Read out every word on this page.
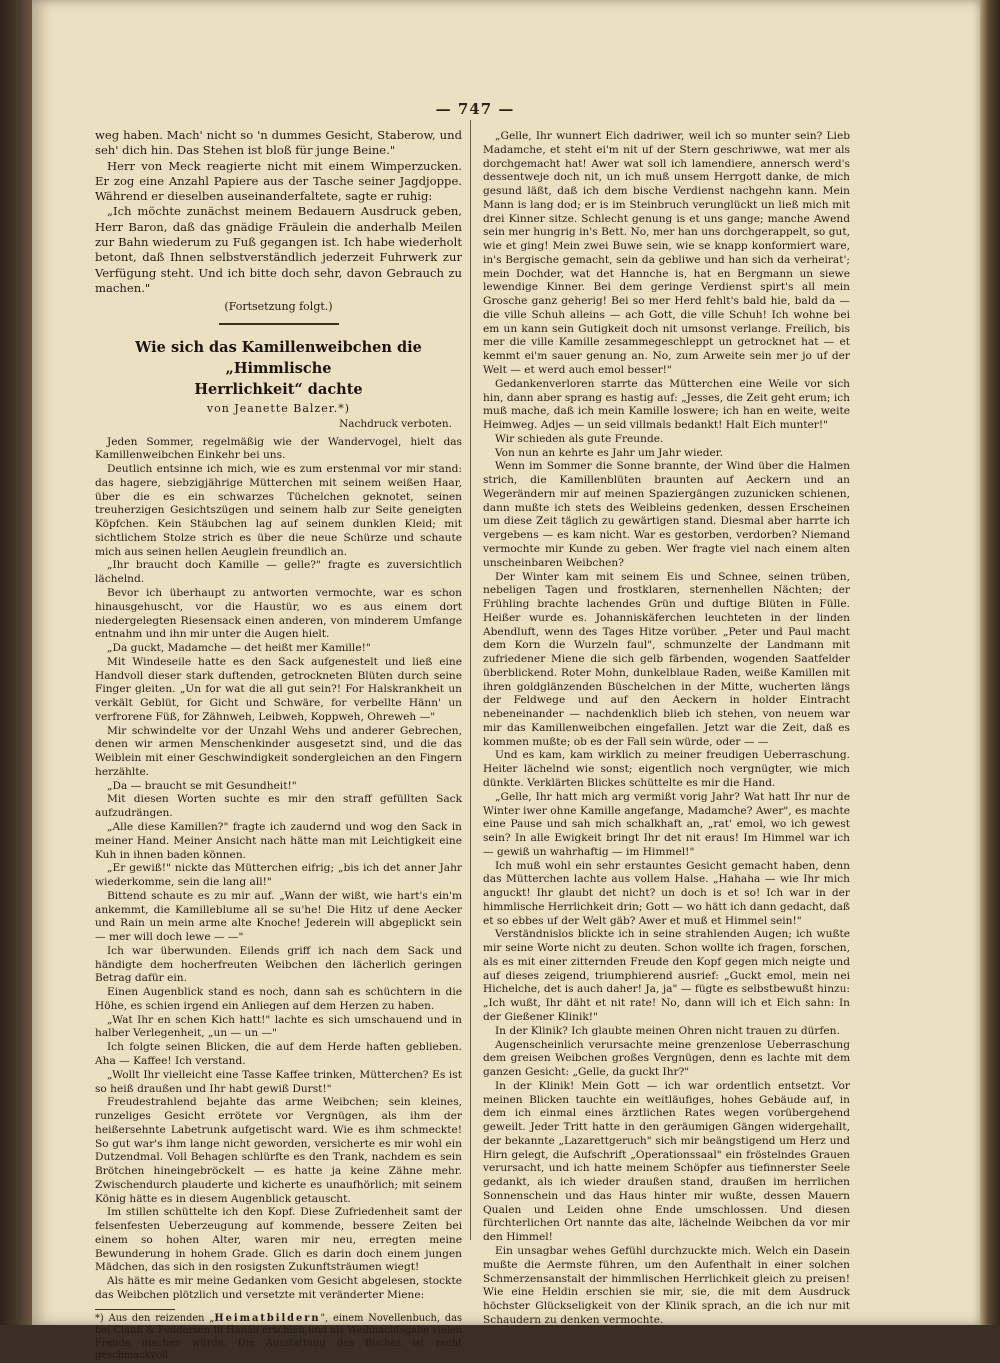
— 747 —

weg haben. Mach' nicht so 'n dummes Gesicht, Staberow, und seh' dich hin. Das Stehen ist bloß für junge Beine."

Herr von Meck reagierte nicht mit einem Wimperzucken. Er zog eine Anzahl Papiere aus der Tasche seiner Jagdjoppe. Während er dieselben auseinanderfaltete, sagte er ruhig:

„Ich möchte zunächst meinem Bedauern Ausdruck geben, Herr Baron, daß das gnädige Fräulein die anderhalb Meilen zur Bahn wiederum zu Fuß gegangen ist. Ich habe wiederholt betont, daß Ihnen selbstverständlich jederzeit Fuhrwerk zur Verfügung steht. Und ich bitte doch sehr, davon Gebrauch zu machen."

(Fortsetzung folgt.)

Wie sich das Kamillenweibchen die „Himmlische
Herrlichkeit“ dachte
von Jeanette Balzer.*)
Nachdruck verboten.

Jeden Sommer, regelmäßig wie der Wandervogel, hielt das Kamillenweibchen Einkehr bei uns.

Deutlich entsinne ich mich, wie es zum erstenmal vor mir stand: das hagere, siebzigjährige Mütterchen mit seinem weißen Haar, über die es ein schwarzes Tüchelchen geknotet, seinen treuherzigen Gesichtszügen und seinem halb zur Seite geneigten Köpfchen. Kein Stäubchen lag auf seinem dunklen Kleid; mit sichtlichem Stolze strich es über die neue Schürze und schaute mich aus seinen hellen Aeuglein freundlich an.

„Ihr braucht doch Kamille — gelle?" fragte es zuversichtlich lächelnd.

Bevor ich überhaupt zu antworten vermochte, war es schon hinausgehuscht, vor die Haustür, wo es aus einem dort niedergelegten Riesensack einen anderen, von minderem Umfange entnahm und ihn mir unter die Augen hielt.

„Da guckt, Madamche — det heißt mer Kamille!"

Mit Windeseile hatte es den Sack aufgenestelt und ließ eine Handvoll dieser stark duftenden, getrockneten Blüten durch seine Finger gleiten. „Un for wat die all gut sein?! For Halskrankheit un verkält Geblüt, for Gicht und Schwäre, for verbellte Hänn' un verfrorene Füß, for Zähnweh, Leibweh, Koppweh, Ohreweh —"

Mir schwindelte vor der Unzahl Wehs und anderer Gebrechen, denen wir armen Menschenkinder ausgesetzt sind, und die das Weiblein mit einer Geschwindigkeit sondergleichen an den Fingern herzählte.

„Da — braucht se mit Gesundheit!"

Mit diesen Worten suchte es mir den straff gefüllten Sack aufzudrängen.

„Alle diese Kamillen?" fragte ich zaudernd und wog den Sack in meiner Hand. Meiner Ansicht nach hätte man mit Leichtigkeit eine Kuh in ihnen baden können.

„Er gewiß!" nickte das Mütterchen eifrig; „bis ich det anner Jahr wiederkomme, sein die lang all!"

Bittend schaute es zu mir auf. „Wann der wißt, wie hart's ein'm ankemmt, die Kamilleblume all se su'he! Die Hitz uf dene Aecker und Rain un mein arme alte Knoche! Jederein will abgeplickt sein — mer will doch lewe — —"

Ich war überwunden. Eilends griff ich nach dem Sack und händigte dem hocherfreuten Weibchen den lächerlich geringen Betrag dafür ein.

Einen Augenblick stand es noch, dann sah es schüchtern in die Höhe, es schien irgend ein Anliegen auf dem Herzen zu haben.

„Wat Ihr en schen Kich hatt!" lachte es sich umschauend und in halber Verlegenheit, „un — un —"

Ich folgte seinen Blicken, die auf dem Herde haften geblieben. Aha — Kaffee! Ich verstand.

„Wollt Ihr vielleicht eine Tasse Kaffee trinken, Mütterchen? Es ist so heiß draußen und Ihr habt gewiß Durst!"

Freudestrahlend bejahte das arme Weibchen; sein kleines, runzeliges Gesicht errötete vor Vergnügen, als ihm der heißersehnte Labetrunk aufgetischt ward. Wie es ihm schmeckte! So gut war's ihm lange nicht geworden, versicherte es mir wohl ein Dutzendmal. Voll Behagen schlürfte es den Trank, nachdem es sein Brötchen hineingebröckelt — es hatte ja keine Zähne mehr. Zwischendurch plauderte und kicherte es unaufhörlich; mit seinem König hätte es in diesem Augenblick getauscht.

Im stillen schüttelte ich den Kopf. Diese Zufriedenheit samt der felsenfesten Ueberzeugung auf kommende, bessere Zeiten bei einem so hohen Alter, waren mir neu, erregten meine Bewunderung in hohem Grade. Glich es darin doch einem jungen Mädchen, das sich in den rosigsten Zukunftsträumen wiegt!

Als hätte es mir meine Gedanken vom Gesicht abgelesen, stockte das Weibchen plötzlich und versetzte mit veränderter Miene:

*) Aus den reizenden „Heimatbildern", einem Novellenbuch, das bei Clauß & Feddersen in Hanau erschien und als Weihnachtsgabe vielen Freude machen würde. Die Ausstattung des Buches ist recht geschmackvoll.

„Gelle, Ihr wunnert Eich dadriwer, weil ich so munter sein? Lieb Madamche, et steht ei'm nit uf der Stern geschriwwe, wat mer als dorchgemacht hat! Awer wat soll ich lamendiere, annersch werd's dessentweje doch nit, un ich muß unsem Herrgott danke, de mich gesund läßt, daß ich dem bische Verdienst nachgehn kann. Mein Mann is lang dod; er is im Steinbruch verunglückt un ließ mich mit drei Kinner sitze. Schlecht genung is et uns gange; manche Awend sein mer hungrig in's Bett. No, mer han uns dorchgerappelt, so gut, wie et ging! Mein zwei Buwe sein, wie se knapp konformiert ware, in's Bergische gemacht, sein da gebliwe und han sich da verheirat'; mein Dochder, wat det Hannche is, hat en Bergmann un siewe lewendige Kinner. Bei dem geringe Verdienst spirt's all mein Grosche ganz geherig! Bei so mer Herd fehlt's bald hie, bald da — die ville Schuh alleins — ach Gott, die ville Schuh! Ich wohne bei em un kann sein Gutigkeit doch nit umsonst verlange. Freilich, bis mer die ville Kamille zesammegeschleppt un getrocknet hat — et kemmt ei'm sauer genung an. No, zum Arweite sein mer jo uf der Welt — et werd auch emol besser!"

Gedankenverloren starrte das Mütterchen eine Weile vor sich hin, dann aber sprang es hastig auf: „Jesses, die Zeit geht erum; ich muß mache, daß ich mein Kamille loswere; ich han en weite, weite Heimweg. Adjes — un seid villmals bedankt! Halt Eich munter!"

Wir schieden als gute Freunde.

Von nun an kehrte es Jahr um Jahr wieder.

Wenn im Sommer die Sonne brannte, der Wind über die Halmen strich, die Kamillenblüten braunten auf Aeckern und an Wegerändern mir auf meinen Spaziergängen zuzunicken schienen, dann mußte ich stets des Weibleins gedenken, dessen Erscheinen um diese Zeit täglich zu gewärtigen stand. Diesmal aber harrte ich vergebens — es kam nicht. War es gestorben, verdorben? Niemand vermochte mir Kunde zu geben. Wer fragte viel nach einem alten unscheinbaren Weibchen?

Der Winter kam mit seinem Eis und Schnee, seinen trüben, nebeligen Tagen und frostklaren, sternenhellen Nächten; der Frühling brachte lachendes Grün und duftige Blüten in Fülle. Heißer wurde es. Johanniskäferchen leuchteten in der linden Abendluft, wenn des Tages Hitze vorüber. „Peter und Paul macht dem Korn die Wurzeln faul", schmunzelte der Landmann mit zufriedener Miene die sich gelb färbenden, wogenden Saatfelder überblickend. Roter Mohn, dunkelblaue Raden, weiße Kamillen mit ihren goldglänzenden Büschelchen in der Mitte, wucherten längs der Feldwege und auf den Aeckern in holder Eintracht nebeneinander — nachdenklich blieb ich stehen, von neuem war mir das Kamillenweibchen eingefallen. Jetzt war die Zeit, daß es kommen mußte; ob es der Fall sein würde, oder — —

Und es kam, kam wirklich zu meiner freudigen Ueberraschung. Heiter lächelnd wie sonst; eigentlich noch vergnügter, wie mich dünkte. Verklärten Blickes schüttelte es mir die Hand.

„Gelle, Ihr hatt mich arg vermißt vorig Jahr? Wat hatt Ihr nur de Winter iwer ohne Kamille angefange, Madamche? Awer", es machte eine Pause und sah mich schalkhaft an, „rat' emol, wo ich gewest sein? In alle Ewigkeit bringt Ihr det nit eraus! Im Himmel war ich — gewiß un wahrhaftig — im Himmel!"

Ich muß wohl ein sehr erstauntes Gesicht gemacht haben, denn das Mütterchen lachte aus vollem Halse. „Hahaha — wie Ihr mich anguckt! Ihr glaubt det nicht? un doch is et so! Ich war in der himmlische Herrlichkeit drin; Gott — wo hätt ich dann gedacht, daß et so ebbes uf der Welt gäb? Awer et muß et Himmel sein!"

Verständnislos blickte ich in seine strahlenden Augen; ich wußte mir seine Worte nicht zu deuten. Schon wollte ich fragen, forschen, als es mit einer zitternden Freude den Kopf gegen mich neigte und auf dieses zeigend, triumphierend ausrief: „Guckt emol, mein nei Hichelche, det is auch daher! Ja, ja" — fügte es selbstbewußt hinzu: „Ich wußt, Ihr däht et nit rate! No, dann will ich et Eich sahn: In der Gießener Klinik!"

In der Klinik? Ich glaubte meinen Ohren nicht trauen zu dürfen.

Augenscheinlich verursachte meine grenzenlose Ueberraschung dem greisen Weibchen großes Vergnügen, denn es lachte mit dem ganzen Gesicht: „Gelle, da guckt Ihr?"

In der Klinik! Mein Gott — ich war ordentlich entsetzt. Vor meinen Blicken tauchte ein weitläufiges, hohes Gebäude auf, in dem ich einmal eines ärztlichen Rates wegen vorübergehend geweilt. Jeder Tritt hatte in den geräumigen Gängen widergehallt, der bekannte „Lazarettgeruch" sich mir beängstigend um Herz und Hirn gelegt, die Aufschrift „Operationssaal" ein fröstelndes Grauen verursacht, und ich hatte meinem Schöpfer aus tiefinnerster Seele gedankt, als ich wieder draußen stand, draußen im herrlichen Sonnenschein und das Haus hinter mir wußte, dessen Mauern Qualen und Leiden ohne Ende umschlossen. Und diesen fürchterlichen Ort nannte das alte, lächelnde Weibchen da vor mir den Himmel!

Ein unsagbar wehes Gefühl durchzuckte mich. Welch ein Dasein mußte die Aermste führen, um den Aufenthalt in einer solchen Schmerzensanstalt der himmlischen Herrlichkeit gleich zu preisen! Wie eine Heldin erschien sie mir, sie, die mit dem Ausdruck höchster Glückseligkeit von der Klinik sprach, an die ich nur mit Schaudern zu denken vermochte.
